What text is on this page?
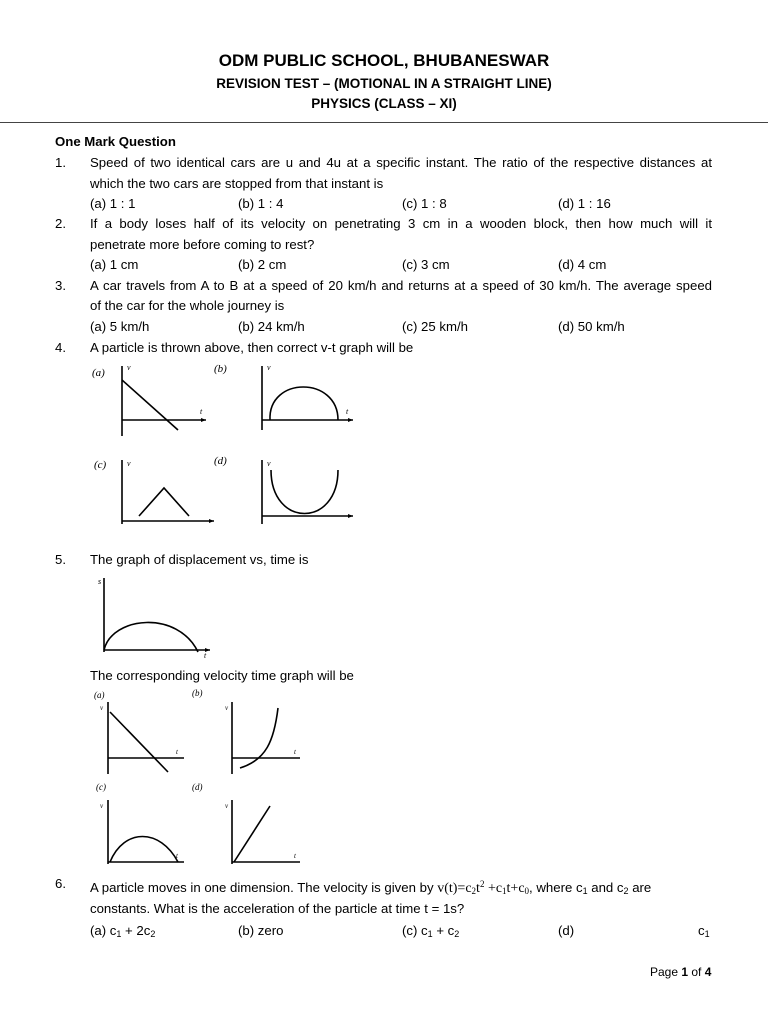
ODM PUBLIC SCHOOL, BHUBANESWAR
REVISION TEST – (MOTIONAL IN A STRAIGHT LINE)
PHYSICS (CLASS – XI)
One Mark Question
1. Speed of two identical cars are u and 4u at a specific instant. The ratio of the respective distances at
which the two cars are stopped from that instant is
(a) 1 : 1	(b) 1 : 4	(c) 1 : 8	(d) 1 : 16
2. If a body loses half of its velocity on penetrating 3 cm in a wooden block, then how much will it
penetrate more before coming to rest?
(a) 1 cm	(b) 2 cm	(c) 3 cm	(d) 4 cm
3. A car travels from A to B at a speed of 20 km/h and returns at a speed of 30 km/h. The average speed
of the car for the whole journey is
(a) 5 km/h	(b) 24 km/h	(c) 25 km/h	(d) 50 km/h
4. A particle is thrown above, then correct v-t graph will be
(a)	(b)
(c)	(d)
v	v
v	v
t	t
5. The graph of displacement vs, time is
s
t
The corresponding velocity time graph will be
(a)	(b)
(c)	(d)
v	v
v	v
t	t
t	t
6. A particle moves in one dimension. The velocity is given by $v(t)=c_2t^2 +c_1t+c_0$, where $c_1$ and $c_2$ are
constants. What is the acceleration of the particle at time t = 1s?
(a) $c_1 + 2c_2$	(b) zero	(c) $c_1 + c_2$	(d)	$c_1$
Page 1 of 4
